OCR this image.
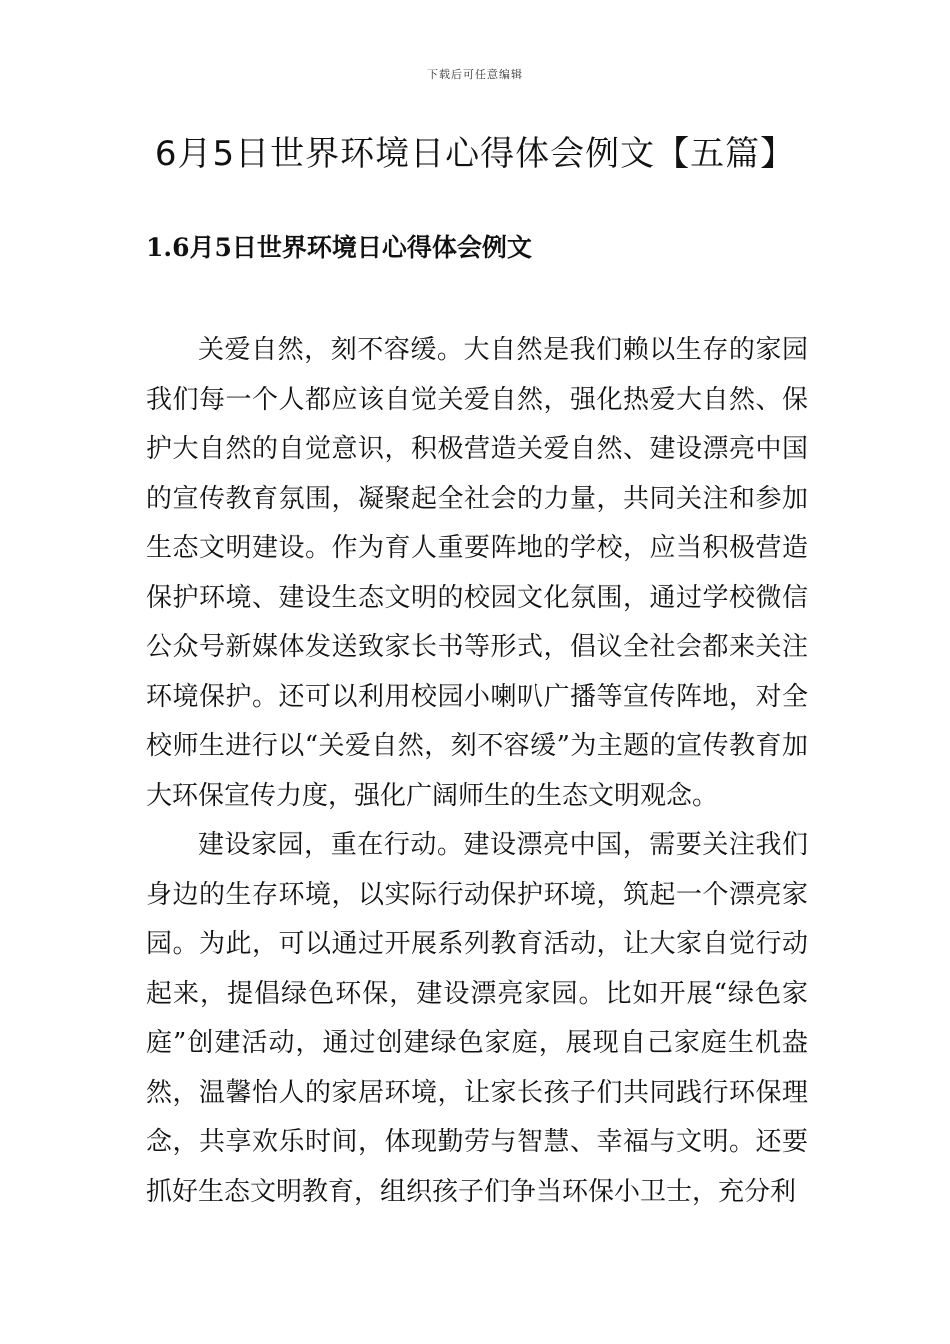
下载后可任意编辑
6月5日世界环境日心得体会例文【五篇】
1.6月5日世界环境日心得体会例文

关爱自然，刻不容缓。大自然是我们赖以生存的家园我们每一个人都应该自觉关爱自然，强化热爱大自然、保护大自然的自觉意识，积极营造关爱自然、建设漂亮中国的宣传教育氛围，凝聚起全社会的力量，共同关注和参加生态文明建设。作为育人重要阵地的学校，应当积极营造保护环境、建设生态文明的校园文化氛围，通过学校微信公众号新媒体发送致家长书等形式，倡议全社会都来关注环境保护。还可以利用校园小喇叭广播等宣传阵地，对全校师生进行以“关爱自然，刻不容缓”为主题的宣传教育加大环保宣传力度，强化广阔师生的生态文明观念。

建设家园，重在行动。建设漂亮中国，需要关注我们身边的生存环境，以实际行动保护环境，筑起一个漂亮家园。为此，可以通过开展系列教育活动，让大家自觉行动起来，提倡绿色环保，建设漂亮家园。比如开展“绿色家庭”创建活动，通过创建绿色家庭，展现自己家庭生机盎然，温馨怡人的家居环境，让家长孩子们共同践行环保理念，共享欢乐时间，体现勤劳与智慧、幸福与文明。还要抓好生态文明教育，组织孩子们争当环保小卫士，充分利
